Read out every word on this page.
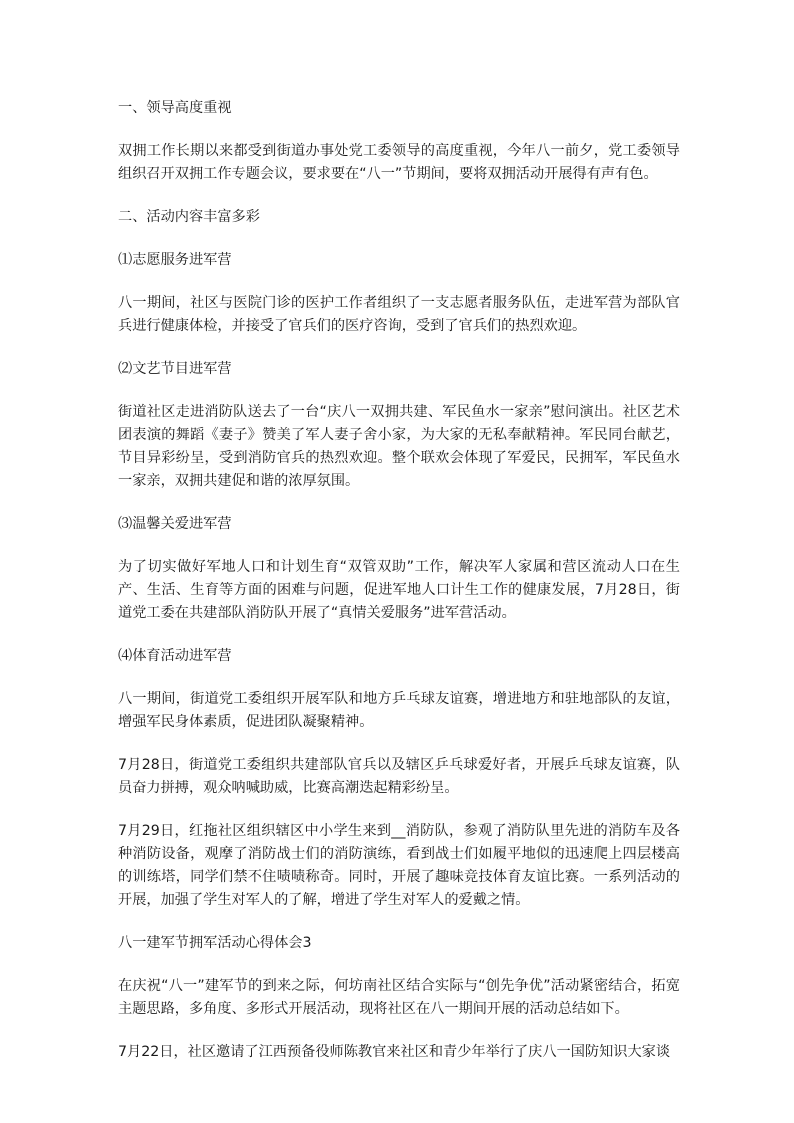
一、领导高度重视

双拥工作长期以来都受到街道办事处党工委领导的高度重视，今年八一前夕，党工委领导组织召开双拥工作专题会议，要求要在“八一”节期间，要将双拥活动开展得有声有色。

二、活动内容丰富多彩

⑴志愿服务进军营

八一期间，社区与医院门诊的医护工作者组织了一支志愿者服务队伍，走进军营为部队官兵进行健康体检，并接受了官兵们的医疗咨询，受到了官兵们的热烈欢迎。

⑵文艺节目进军营

街道社区走进消防队送去了一台“庆八一双拥共建、军民鱼水一家亲”慰问演出。社区艺术团表演的舞蹈《妻子》赞美了军人妻子舍小家，为大家的无私奉献精神。军民同台献艺，节目异彩纷呈，受到消防官兵的热烈欢迎。整个联欢会体现了军爱民，民拥军，军民鱼水一家亲，双拥共建促和谐的浓厚氛围。

⑶温馨关爱进军营

为了切实做好军地人口和计划生育“双管双助”工作，解决军人家属和营区流动人口在生产、生活、生育等方面的困难与问题，促进军地人口计生工作的健康发展，7月28日，街道党工委在共建部队消防队开展了“真情关爱服务”进军营活动。

⑷体育活动进军营

八一期间，街道党工委组织开展军队和地方乒乓球友谊赛，增进地方和驻地部队的友谊，增强军民身体素质，促进团队凝聚精神。

7月28日，街道党工委组织共建部队官兵以及辖区乒乓球爱好者，开展乒乓球友谊赛，队员奋力拼搏，观众呐喊助威，比赛高潮迭起精彩纷呈。

7月29日，红拖社区组织辖区中小学生来到__消防队，参观了消防队里先进的消防车及各种消防设备，观摩了消防战士们的消防演练，看到战士们如履平地似的迅速爬上四层楼高的训练塔，同学们禁不住啧啧称奇。同时，开展了趣味竞技体育友谊比赛。一系列活动的开展，加强了学生对军人的了解，增进了学生对军人的爱戴之情。

八一建军节拥军活动心得体会3

在庆祝“八一”建军节的到来之际，何坊南社区结合实际与“创先争优”活动紧密结合，拓宽主题思路，多角度、多形式开展活动，现将社区在八一期间开展的活动总结如下。

7月22日，社区邀请了江西预备役师陈教官来社区和青少年举行了庆八一国防知识大家谈
